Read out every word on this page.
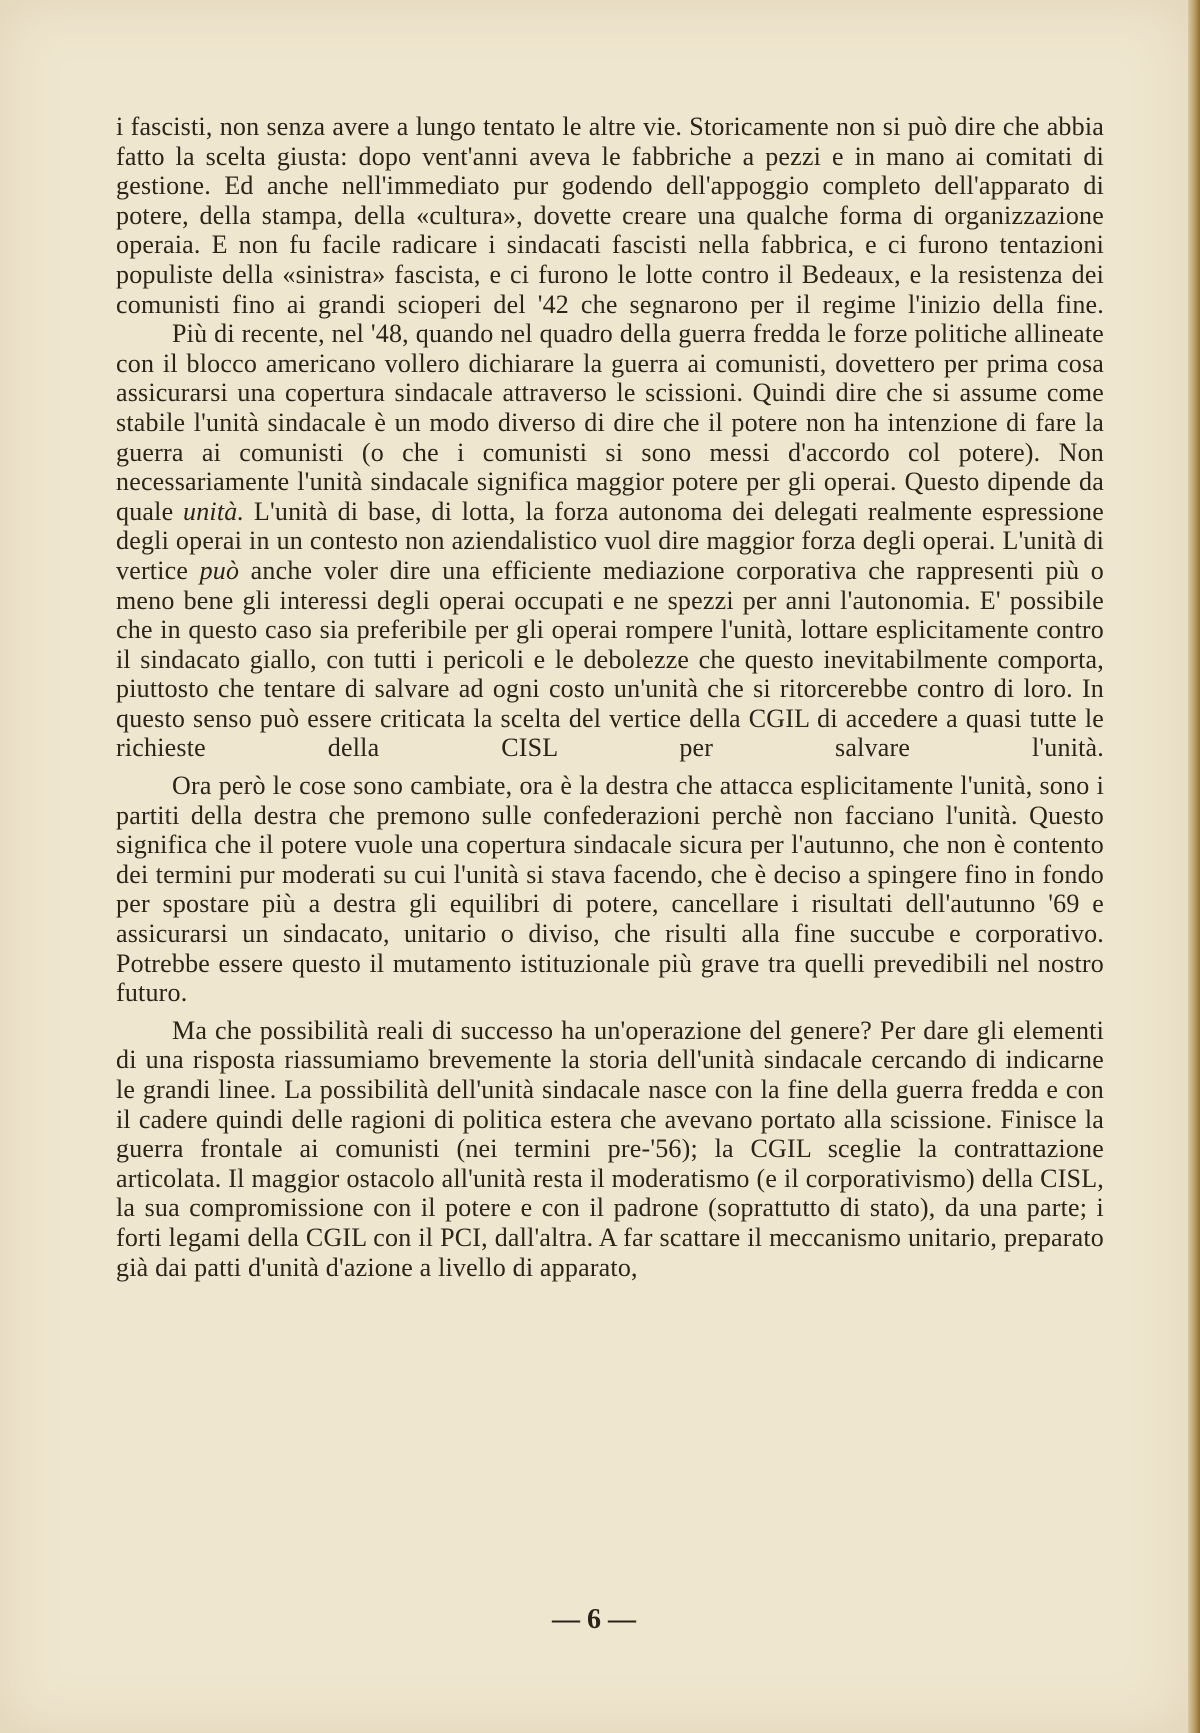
i fascisti, non senza avere a lungo tentato le altre vie. Storicamente non si può dire che abbia fatto la scelta giusta: dopo vent'anni aveva le fabbriche a pezzi e in mano ai comitati di gestione. Ed anche nell'immediato pur godendo dell'appoggio completo dell'apparato di potere, della stampa, della «cultura», dovette creare una qualche forma di organizzazione operaia. E non fu facile radicare i sindacati fascisti nella fabbrica, e ci furono tentazioni populiste della «sinistra» fascista, e ci furono le lotte contro il Bedeaux, e la resistenza dei comunisti fino ai grandi scioperi del '42 che segnarono per il regime l'inizio della fine.

Più di recente, nel '48, quando nel quadro della guerra fredda le forze politiche allineate con il blocco americano vollero dichiarare la guerra ai comunisti, dovettero per prima cosa assicurarsi una copertura sindacale attraverso le scissioni. Quindi dire che si assume come stabile l'unità sindacale è un modo diverso di dire che il potere non ha intenzione di fare la guerra ai comunisti (o che i comunisti si sono messi d'accordo col potere). Non necessariamente l'unità sindacale significa maggior potere per gli operai. Questo dipende da quale unità. L'unità di base, di lotta, la forza autonoma dei delegati realmente espressione degli operai in un contesto non aziendalistico vuol dire maggior forza degli operai. L'unità di vertice può anche voler dire una efficiente mediazione corporativa che rappresenti più o meno bene gli interessi degli operai occupati e ne spezzi per anni l'autonomia. E' possibile che in questo caso sia preferibile per gli operai rompere l'unità, lottare esplicitamente contro il sindacato giallo, con tutti i pericoli e le debolezze che questo inevitabilmente comporta, piuttosto che tentare di salvare ad ogni costo un'unità che si ritorcerebbe contro di loro. In questo senso può essere criticata la scelta del vertice della CGIL di accedere a quasi tutte le richieste della CISL per salvare l'unità.

Ora però le cose sono cambiate, ora è la destra che attacca esplicitamente l'unità, sono i partiti della destra che premono sulle confederazioni perchè non facciano l'unità. Questo significa che il potere vuole una copertura sindacale sicura per l'autunno, che non è contento dei termini pur moderati su cui l'unità si stava facendo, che è deciso a spingere fino in fondo per spostare più a destra gli equilibri di potere, cancellare i risultati dell'autunno '69 e assicurarsi un sindacato, unitario o diviso, che risulti alla fine succube e corporativo. Potrebbe essere questo il mutamento istituzionale più grave tra quelli prevedibili nel nostro futuro.

Ma che possibilità reali di successo ha un'operazione del genere? Per dare gli elementi di una risposta riassumiamo brevemente la storia dell'unità sindacale cercando di indicarne le grandi linee. La possibilità dell'unità sindacale nasce con la fine della guerra fredda e con il cadere quindi delle ragioni di politica estera che avevano portato alla scissione. Finisce la guerra frontale ai comunisti (nei termini pre-'56); la CGIL sceglie la contrattazione articolata. Il maggior ostacolo all'unità resta il moderatismo (e il corporativismo) della CISL, la sua compromissione con il potere e con il padrone (soprattutto di stato), da una parte; i forti legami della CGIL con il PCI, dall'altra. A far scattare il meccanismo unitario, preparato già dai patti d'unità d'azione a livello di apparato,

— 6 —
